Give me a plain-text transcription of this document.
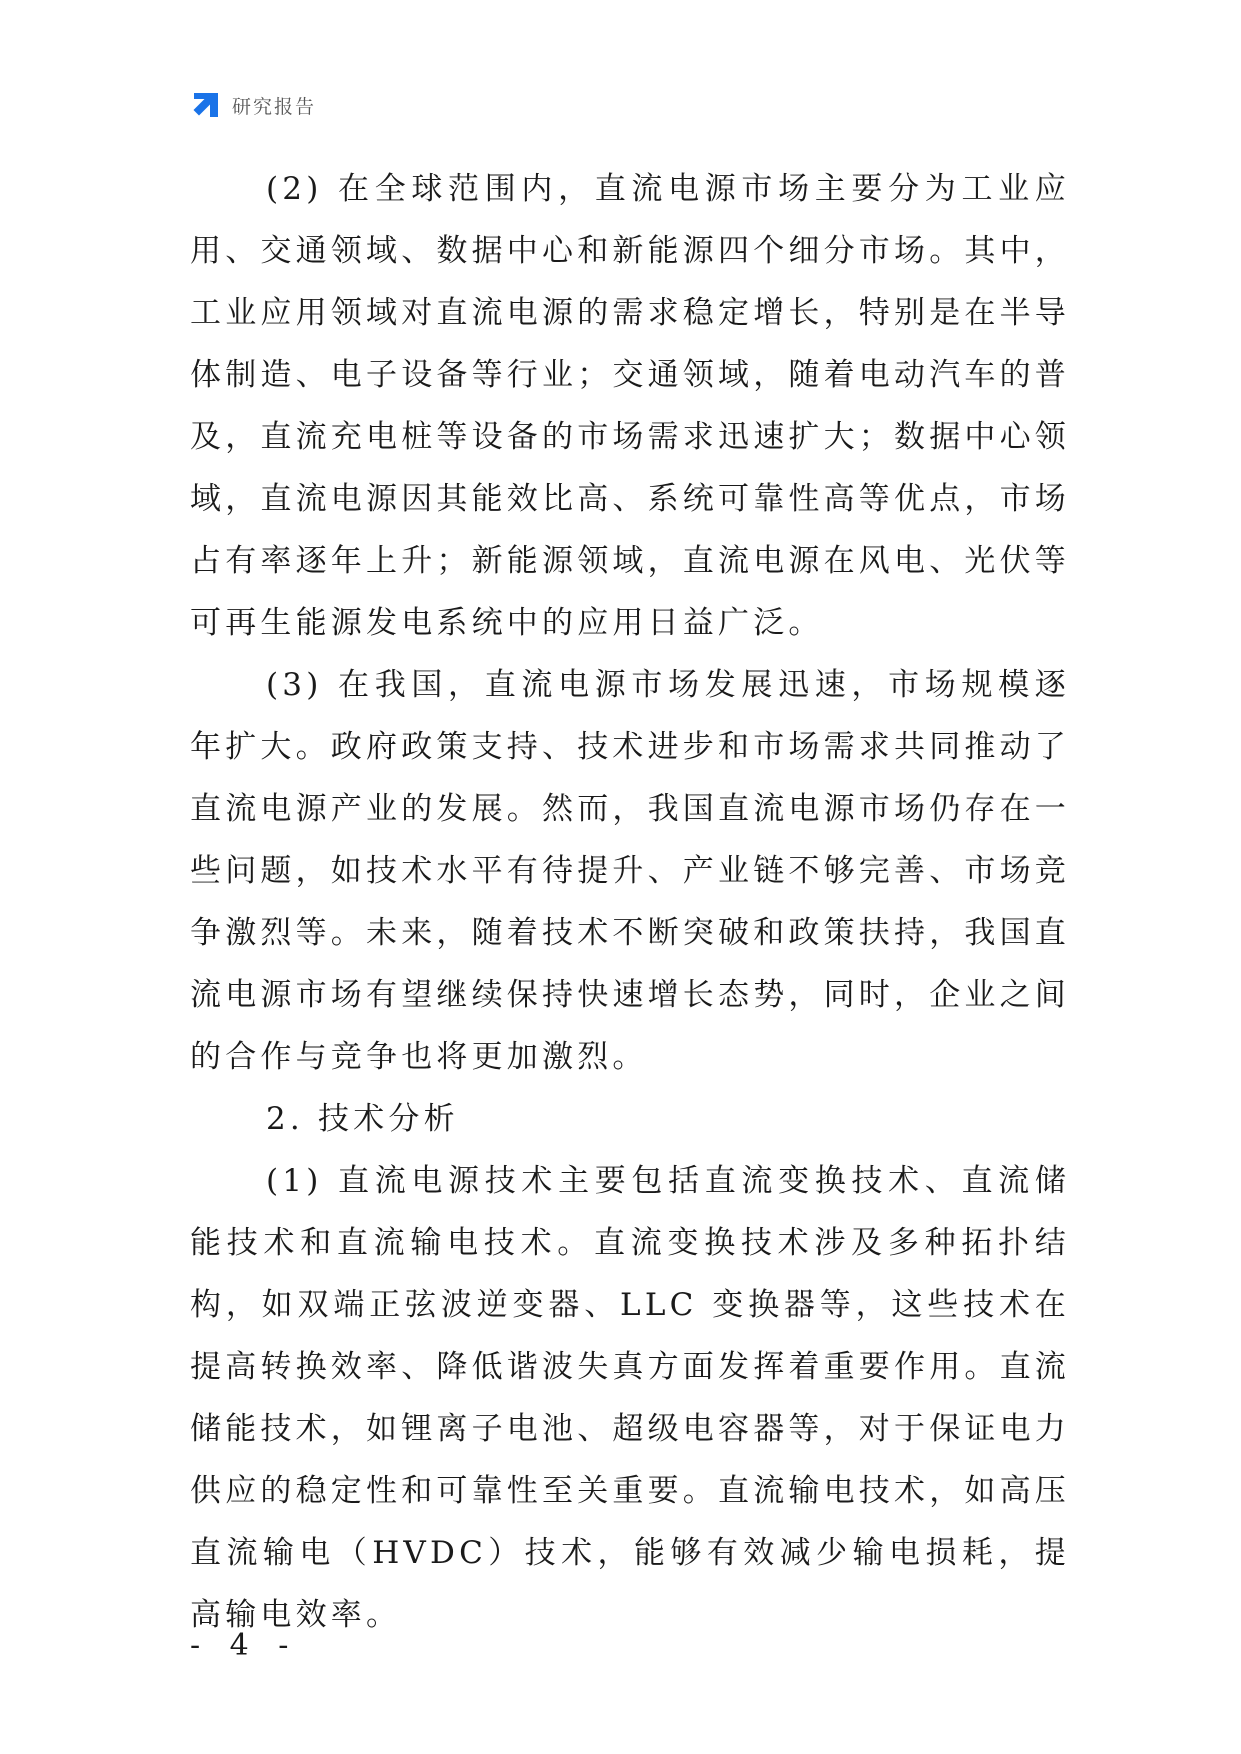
研究报告

(2) 在全球范围内，直流电源市场主要分为工业应用、交通领域、数据中心和新能源四个细分市场。其中，工业应用领域对直流电源的需求稳定增长，特别是在半导体制造、电子设备等行业；交通领域，随着电动汽车的普及，直流充电桩等设备的市场需求迅速扩大；数据中心领域，直流电源因其能效比高、系统可靠性高等优点，市场占有率逐年上升；新能源领域，直流电源在风电、光伏等可再生能源发电系统中的应用日益广泛。

(3) 在我国，直流电源市场发展迅速，市场规模逐年扩大。政府政策支持、技术进步和市场需求共同推动了直流电源产业的发展。然而，我国直流电源市场仍存在一些问题，如技术水平有待提升、产业链不够完善、市场竞争激烈等。未来，随着技术不断突破和政策扶持，我国直流电源市场有望继续保持快速增长态势，同时，企业之间的合作与竞争也将更加激烈。

2. 技术分析

(1) 直流电源技术主要包括直流变换技术、直流储能技术和直流输电技术。直流变换技术涉及多种拓扑结构，如双端正弦波逆变器、LLC 变换器等，这些技术在提高转换效率、降低谐波失真方面发挥着重要作用。直流储能技术，如锂离子电池、超级电容器等，对于保证电力供应的稳定性和可靠性至关重要。直流输电技术，如高压直流输电（HVDC）技术，能够有效减少输电损耗，提高输电效率。

- 4 -
